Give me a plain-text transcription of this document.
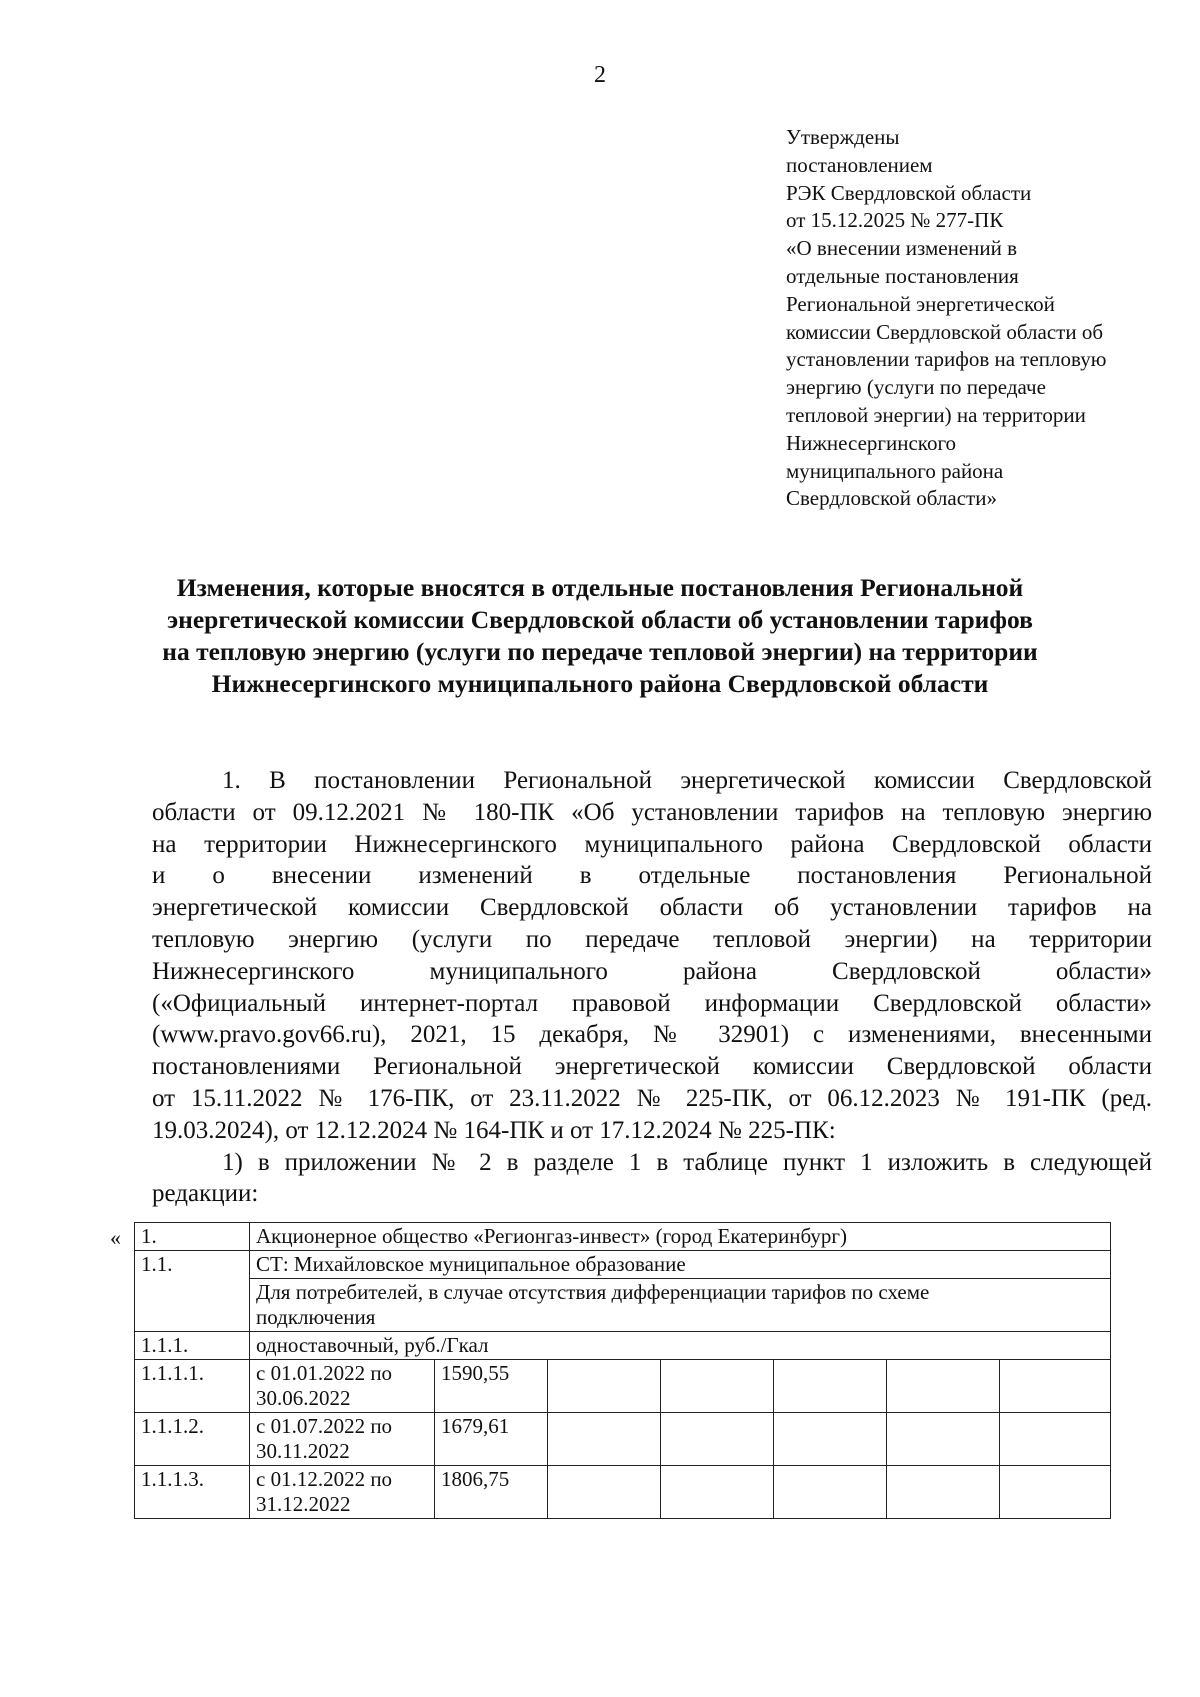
2
Утверждены
постановлением
РЭК Свердловской области
от 15.12.2025 № 277-ПК
«О внесении изменений в
отдельные постановления
Региональной энергетической
комиссии Свердловской области об
установлении тарифов на тепловую
энергию (услуги по передаче
тепловой энергии) на территории
Нижнесергинского
муниципального района
Свердловской области»
Изменения, которые вносятся в отдельные постановления Региональной
энергетической комиссии Свердловской области об установлении тарифов
на тепловую энергию (услуги по передаче тепловой энергии) на территории
Нижнесергинского муниципального района Свердловской области
1. В постановлении Региональной энергетической комиссии Свердловской
области от 09.12.2021 № 180-ПК «Об установлении тарифов на тепловую энергию
на территории Нижнесергинского муниципального района Свердловской области
и о внесении изменений в отдельные постановления Региональной
энергетической комиссии Свердловской области об установлении тарифов на
тепловую энергию (услуги по передаче тепловой энергии) на территории
Нижнесергинского муниципального района Свердловской области»
(«Официальный интернет-портал правовой информации Свердловской области»
(www.pravo.gov66.ru), 2021, 15 декабря, № 32901) с изменениями, внесенными
постановлениями Региональной энергетической комиссии Свердловской области
от 15.11.2022 № 176-ПК, от 23.11.2022 № 225-ПК, от 06.12.2023 № 191-ПК (ред.
19.03.2024), от 12.12.2024 № 164-ПК и от 17.12.2024 № 225-ПК:
1) в приложении № 2 в разделе 1 в таблице пункт 1 изложить в следующей
редакции:
« 1.	Акционерное общество «Регионгаз-инвест» (город Екатеринбург)						
1.1.	СТ: Михайловское муниципальное образование						

	Для потребителей, в случае отсутствия дифференциации тарифов по схеме
подключения						

1.1.1.	одноставочный, руб./Гкал						
1.1.1.1.	с 01.01.2022 по
30.06.2022	1590,55					
1.1.1.2.	с 01.07.2022 по
30.11.2022	1679,61					
1.1.1.3.	с 01.12.2022 по
31.12.2022	1806,75					
